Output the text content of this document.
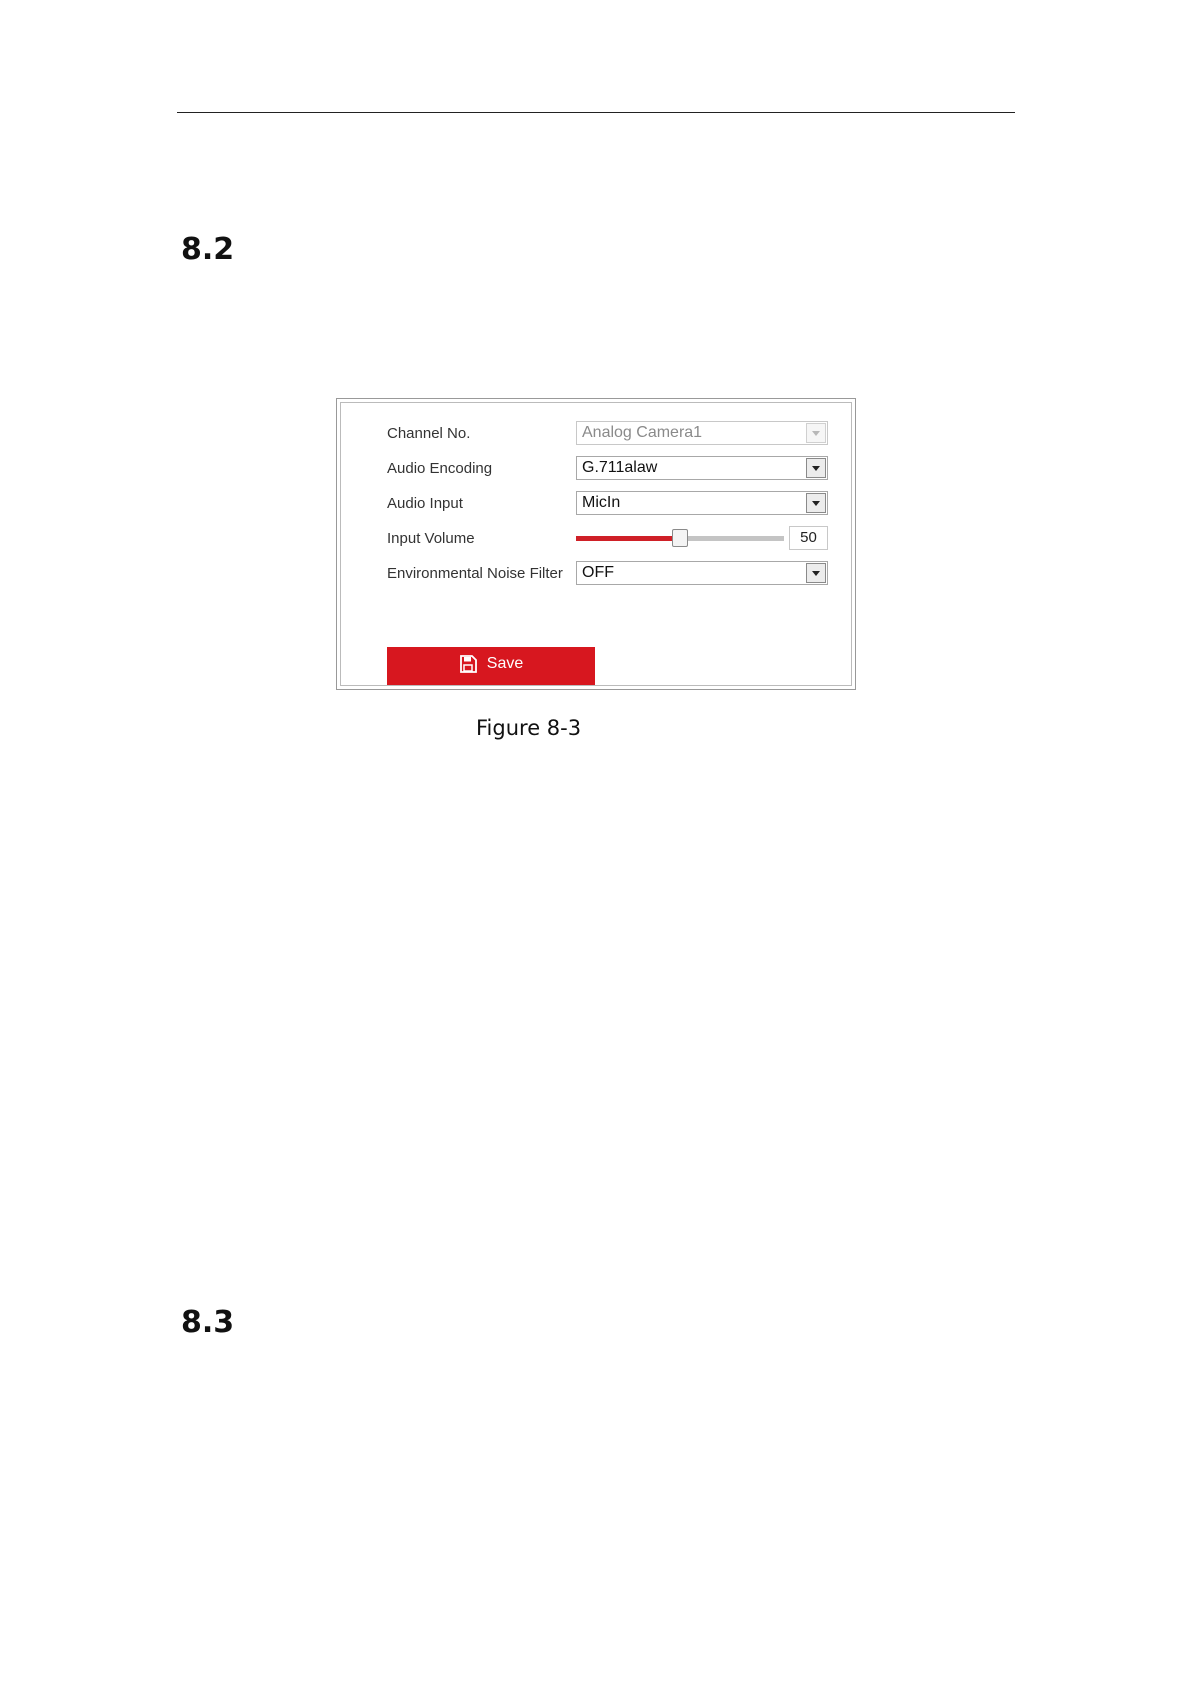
8.2
Channel No.	Analog Camera1
Audio Encoding	G.711alaw
Audio Input	MicIn
Input Volume	50
Environmental Noise Filter OFF
Save

Figure 8-3

8.3
